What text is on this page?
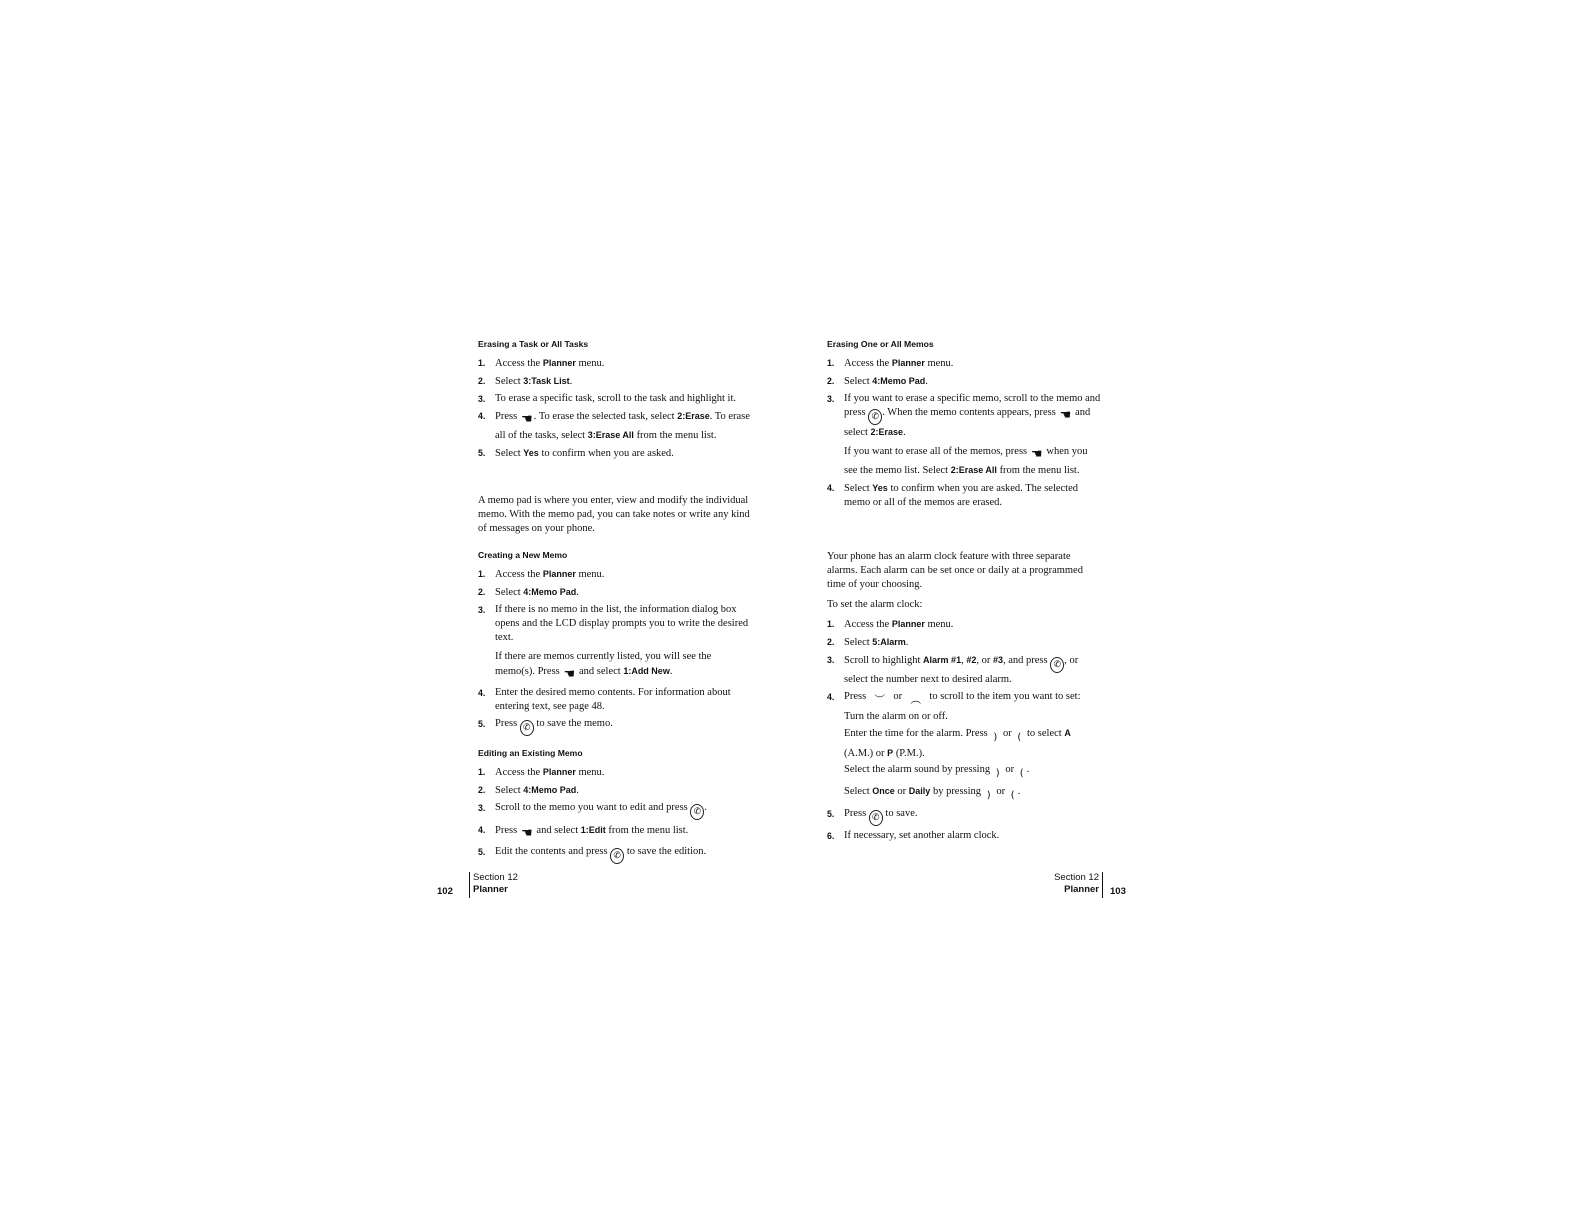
Erasing a Task or All Tasks
1. Access the Planner menu.
2. Select 3:Task List.
3. To erase a specific task, scroll to the task and highlight it.
4. Press ☚. To erase the selected task, select 2:Erase. To erase all of the tasks, select 3:Erase All from the menu list.
5. Select Yes to confirm when you are asked.

A memo pad is where you enter, view and modify the individual memo. With the memo pad, you can take notes or write any kind of messages on your phone.

Creating a New Memo
1. Access the Planner menu.
2. Select 4:Memo Pad.
3. If there is no memo in the list, the information dialog box opens and the LCD display prompts you to write the desired text.

If there are memos currently listed, you will see the memo(s). Press ☚ and select 1:Add New.

4. Enter the desired memo contents. For information about entering text, see page 48.
5. Press ✆ to save the memo.
Editing an Existing Memo
1. Access the Planner menu.
2. Select 4:Memo Pad.
3. Scroll to the memo you want to edit and press ✆ .
4. Press ☚ and select 1:Edit from the menu list.
5. Edit the contents and press ✆ to save the edition.
Erasing One or All Memos
1. Access the Planner menu.
2. Select 4:Memo Pad.
3. If you want to erase a specific memo, scroll to the memo and press ✆ . When the memo contents appears, press ☚ and select 2:Erase.

If you want to erase all of the memos, press ☚ when you see the memo list. Select 2:Erase All from the menu list.

4. Select Yes to confirm when you are asked. The selected memo or all of the memos are erased.

Your phone has an alarm clock feature with three separate alarms. Each alarm can be set once or daily at a programmed time of your choosing.

To set the alarm clock:

1. Access the Planner menu.
2. Select 5:Alarm.
3. Scroll to highlight Alarm #1, #2, or #3, and press ✆ , or select the number next to desired alarm.
4. Press ︶ or ︵ to scroll to the item you want to set:

Turn the alarm on or off.

Enter the time for the alarm. Press ) or ( to select A (A.M.) or P (P.M.).

Select the alarm sound by pressing ) or ( .

Select Once or Daily by pressing ) or ( .

5. Press ✆ to save.
6. If necessary, set another alarm clock.
Section 12
Planner
102
Section 12
Planner 103
